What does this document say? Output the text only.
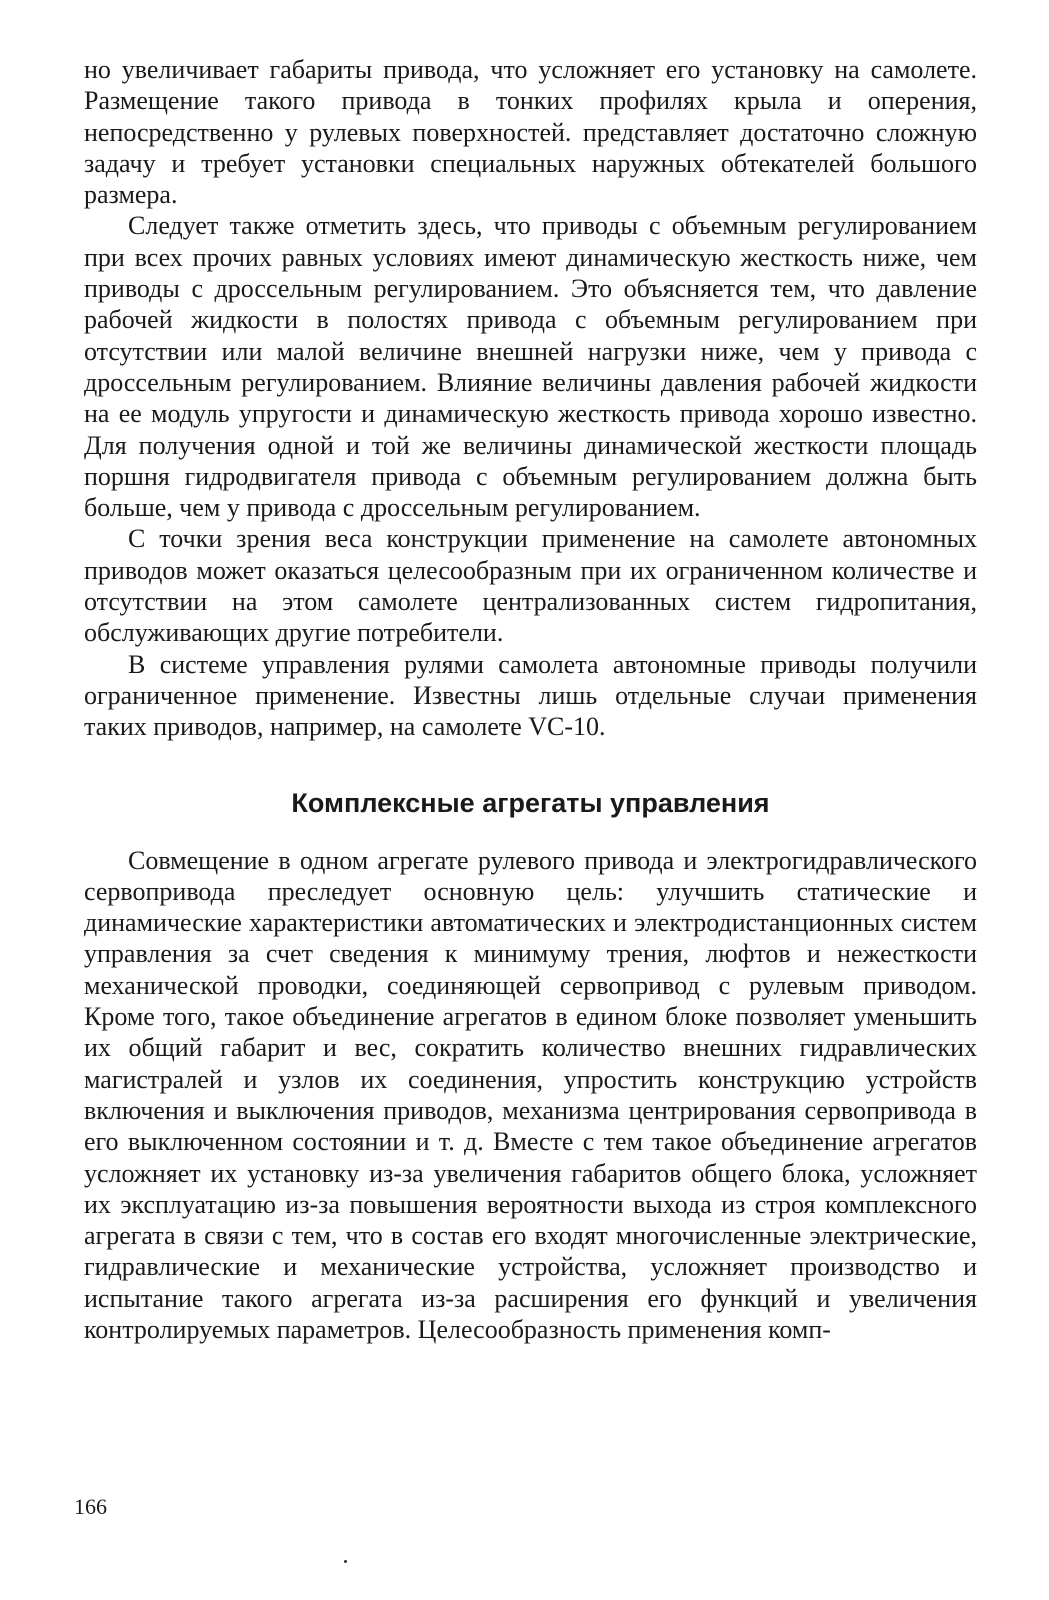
но увеличивает габариты привода, что усложняет его установку на самолете. Размещение такого привода в тонких профилях крыла и оперения, непосредственно у рулевых поверхностей. представляет достаточно сложную задачу и требует установки специальных наружных обтекателей большого размера.

Следует также отметить здесь, что приводы с объемным регулированием при всех прочих равных условиях имеют динамическую жесткость ниже, чем приводы с дроссельным регулированием. Это объясняется тем, что давление рабочей жидкости в полостях привода с объемным регулированием при отсутствии или малой величине внешней нагрузки ниже, чем у привода с дроссельным регулированием. Влияние величины давления рабочей жидкости на ее модуль упругости и динамическую жесткость привода хорошо известно. Для получения одной и той же величины динамической жесткости площадь поршня гидродвигателя привода с объемным регулированием должна быть больше, чем у привода с дроссельным регулированием.

С точки зрения веса конструкции применение на самолете автономных приводов может оказаться целесообразным при их ограниченном количестве и отсутствии на этом самолете централизованных систем гидропитания, обслуживающих другие потребители.

В системе управления рулями самолета автономные приводы получили ограниченное применение. Известны лишь отдельные случаи применения таких приводов, например, на самолете VC-10.

Комплексные агрегаты управления

Совмещение в одном агрегате рулевого привода и электрогидравлического сервопривода преследует основную цель: улучшить статические и динамические характеристики автоматических и электродистанционных систем управления за счет сведения к минимуму трения, люфтов и нежесткости механической проводки, соединяющей сервопривод с рулевым приводом. Кроме того, такое объединение агрегатов в едином блоке позволяет уменьшить их общий габарит и вес, сократить количество внешних гидравлических магистралей и узлов их соединения, упростить конструкцию устройств включения и выключения приводов, механизма центрирования сервопривода в его выключенном состоянии и т. д. Вместе с тем такое объединение агрегатов усложняет их установку из-за увеличения габаритов общего блока, усложняет их эксплуатацию из-за повышения вероятности выхода из строя комплексного агрегата в связи с тем, что в состав его входят многочисленные электрические, гидравлические и механические устройства, усложняет производство и испытание такого агрегата из-за расширения его функций и увеличения контролируемых параметров. Целесообразность применения комп-

166
